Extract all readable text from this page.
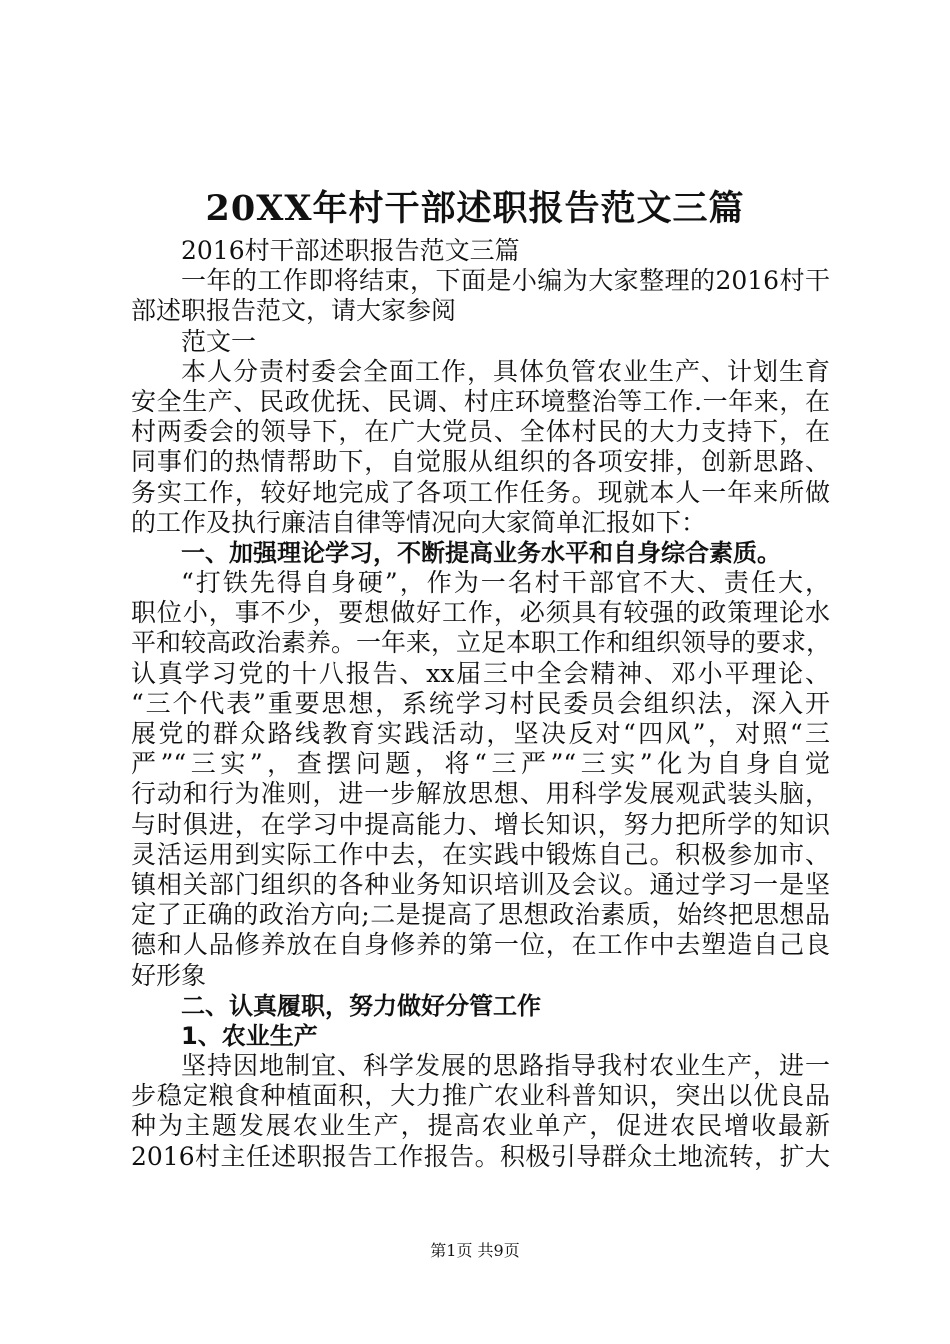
20XX年村干部述职报告范文三篇
2016村干部述职报告范文三篇
一年的工作即将结束，下面是小编为大家整理的2016村干
部述职报告范文，请大家参阅
范文一
本人分责村委会全面工作，具体负管农业生产、计划生育
安全生产、民政优抚、民调、村庄环境整治等工作.一年来，在
村两委会的领导下，在广大党员、全体村民的大力支持下，在
同事们的热情帮助下，自觉服从组织的各项安排，创新思路、
务实工作，较好地完成了各项工作任务。现就本人一年来所做
的工作及执行廉洁自律等情况向大家简单汇报如下：
一、加强理论学习，不断提高业务水平和自身综合素质。
“打铁先得自身硬”，作为一名村干部官不大、责任大，
职位小，事不少，要想做好工作，必须具有较强的政策理论水
平和较高政治素养。一年来，立足本职工作和组织领导的要求，
认真学习党的十八报告、xx届三中全会精神、邓小平理论、
“三个代表”重要思想，系统学习村民委员会组织法，深入开
展党的群众路线教育实践活动，坚决反对“四风”，对照“三
严”“三实”，查摆问题，将“三严”“三实”化为自身自觉
行动和行为准则，进一步解放思想、用科学发展观武装头脑，
与时俱进，在学习中提高能力、增长知识，努力把所学的知识
灵活运用到实际工作中去，在实践中锻炼自己。积极参加市、
镇相关部门组织的各种业务知识培训及会议。通过学习一是坚
定了正确的政治方向;二是提高了思想政治素质，始终把思想品
德和人品修养放在自身修养的第一位，在工作中去塑造自己良
好形象
二、认真履职，努力做好分管工作
1、农业生产
坚持因地制宜、科学发展的思路指导我村农业生产，进一
步稳定粮食种植面积，大力推广农业科普知识，突出以优良品
种为主题发展农业生产，提高农业单产，促进农民增收最新
2016村主任述职报告工作报告。积极引导群众土地流转，扩大
第1页 共9页
